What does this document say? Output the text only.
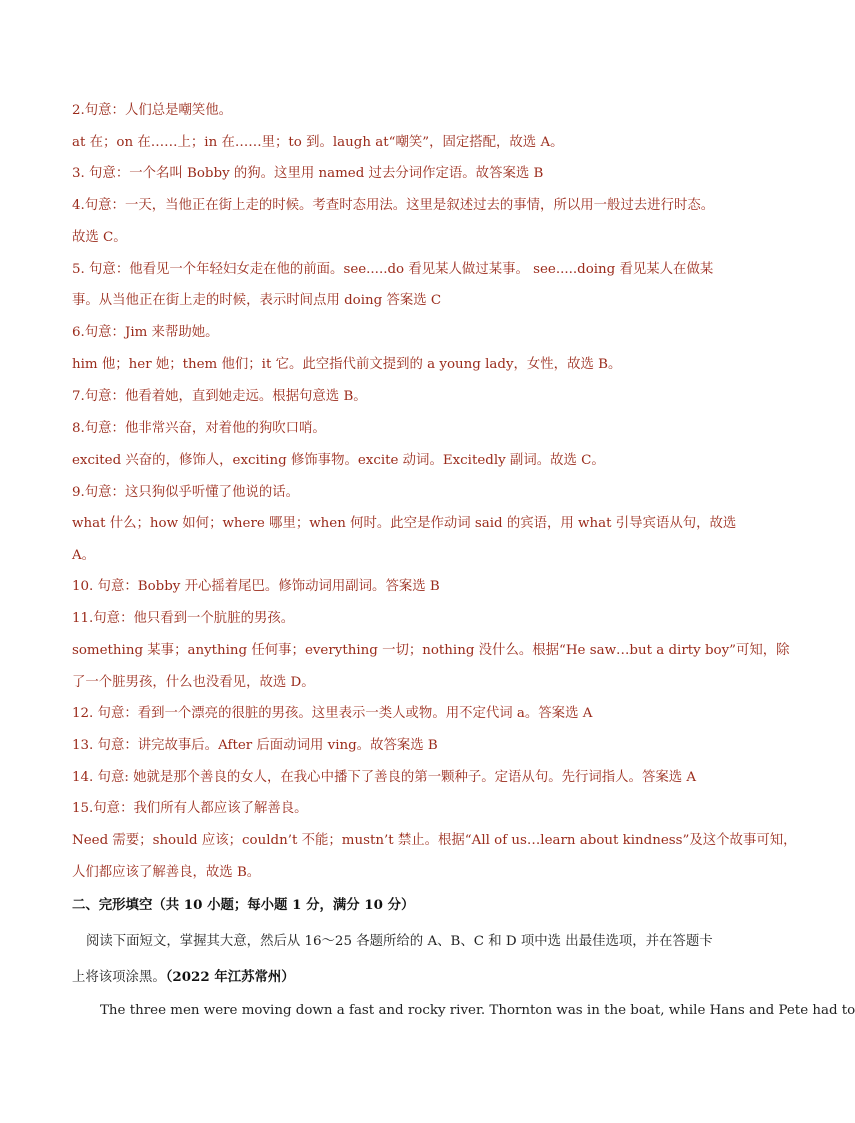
2.句意：人们总是嘲笑他。
at 在；on 在……上；in 在……里；to 到。laugh at“嘲笑”，固定搭配，故选 A。
3. 句意：一个名叫 Bobby 的狗。这里用 named 过去分词作定语。故答案选 B
4.句意：一天，当他正在街上走的时候。考查时态用法。这里是叙述过去的事情，所以用一般过去进行时态。
故选 C。
5. 句意：他看见一个年轻妇女走在他的前面。see.....do 看见某人做过某事。 see.....doing 看见某人在做某
事。从当他正在街上走的时候，表示时间点用 doing 答案选 C
6.句意：Jim 来帮助她。
him 他；her 她；them 他们；it 它。此空指代前文提到的 a young lady，女性，故选 B。
7.句意：他看着她，直到她走远。根据句意选 B。
8.句意：他非常兴奋，对着他的狗吹口哨。
excited 兴奋的，修饰人，exciting 修饰事物。excite 动词。Excitedly 副词。故选 C。
9.句意：这只狗似乎听懂了他说的话。
what 什么；how 如何；where 哪里；when 何时。此空是作动词 said 的宾语，用 what 引导宾语从句，故选
A。
10. 句意：Bobby 开心摇着尾巴。修饰动词用副词。答案选 B
11.句意：他只看到一个肮脏的男孩。
something 某事；anything 任何事；everything 一切；nothing 没什么。根据“He saw…but a dirty boy”可知，除
了一个脏男孩，什么也没看见，故选 D。
12. 句意：看到一个漂亮的很脏的男孩。这里表示一类人或物。用不定代词 a。答案选 A
13. 句意：讲完故事后。After 后面动词用 ving。故答案选 B
14. 句意: 她就是那个善良的女人，在我心中播下了善良的第一颗种子。定语从句。先行词指人。答案选 A
15.句意：我们所有人都应该了解善良。
Need 需要；should 应该；couldn’t 不能；mustn’t 禁止。根据“All of us…learn about kindness”及这个故事可知，
人们都应该了解善良，故选 B。
二、完形填空（共 10 小题；每小题 1 分，满分 10 分）
阅读下面短文，掌握其大意，然后从 16～25 各题所给的 A、B、C 和 D 项中选 出最佳选项，并在答题卡
上将该项涂黑。（2022 年江苏常州）
The three men were moving down a fast and rocky river. Thornton was in the boat, while Hans and Pete had to
